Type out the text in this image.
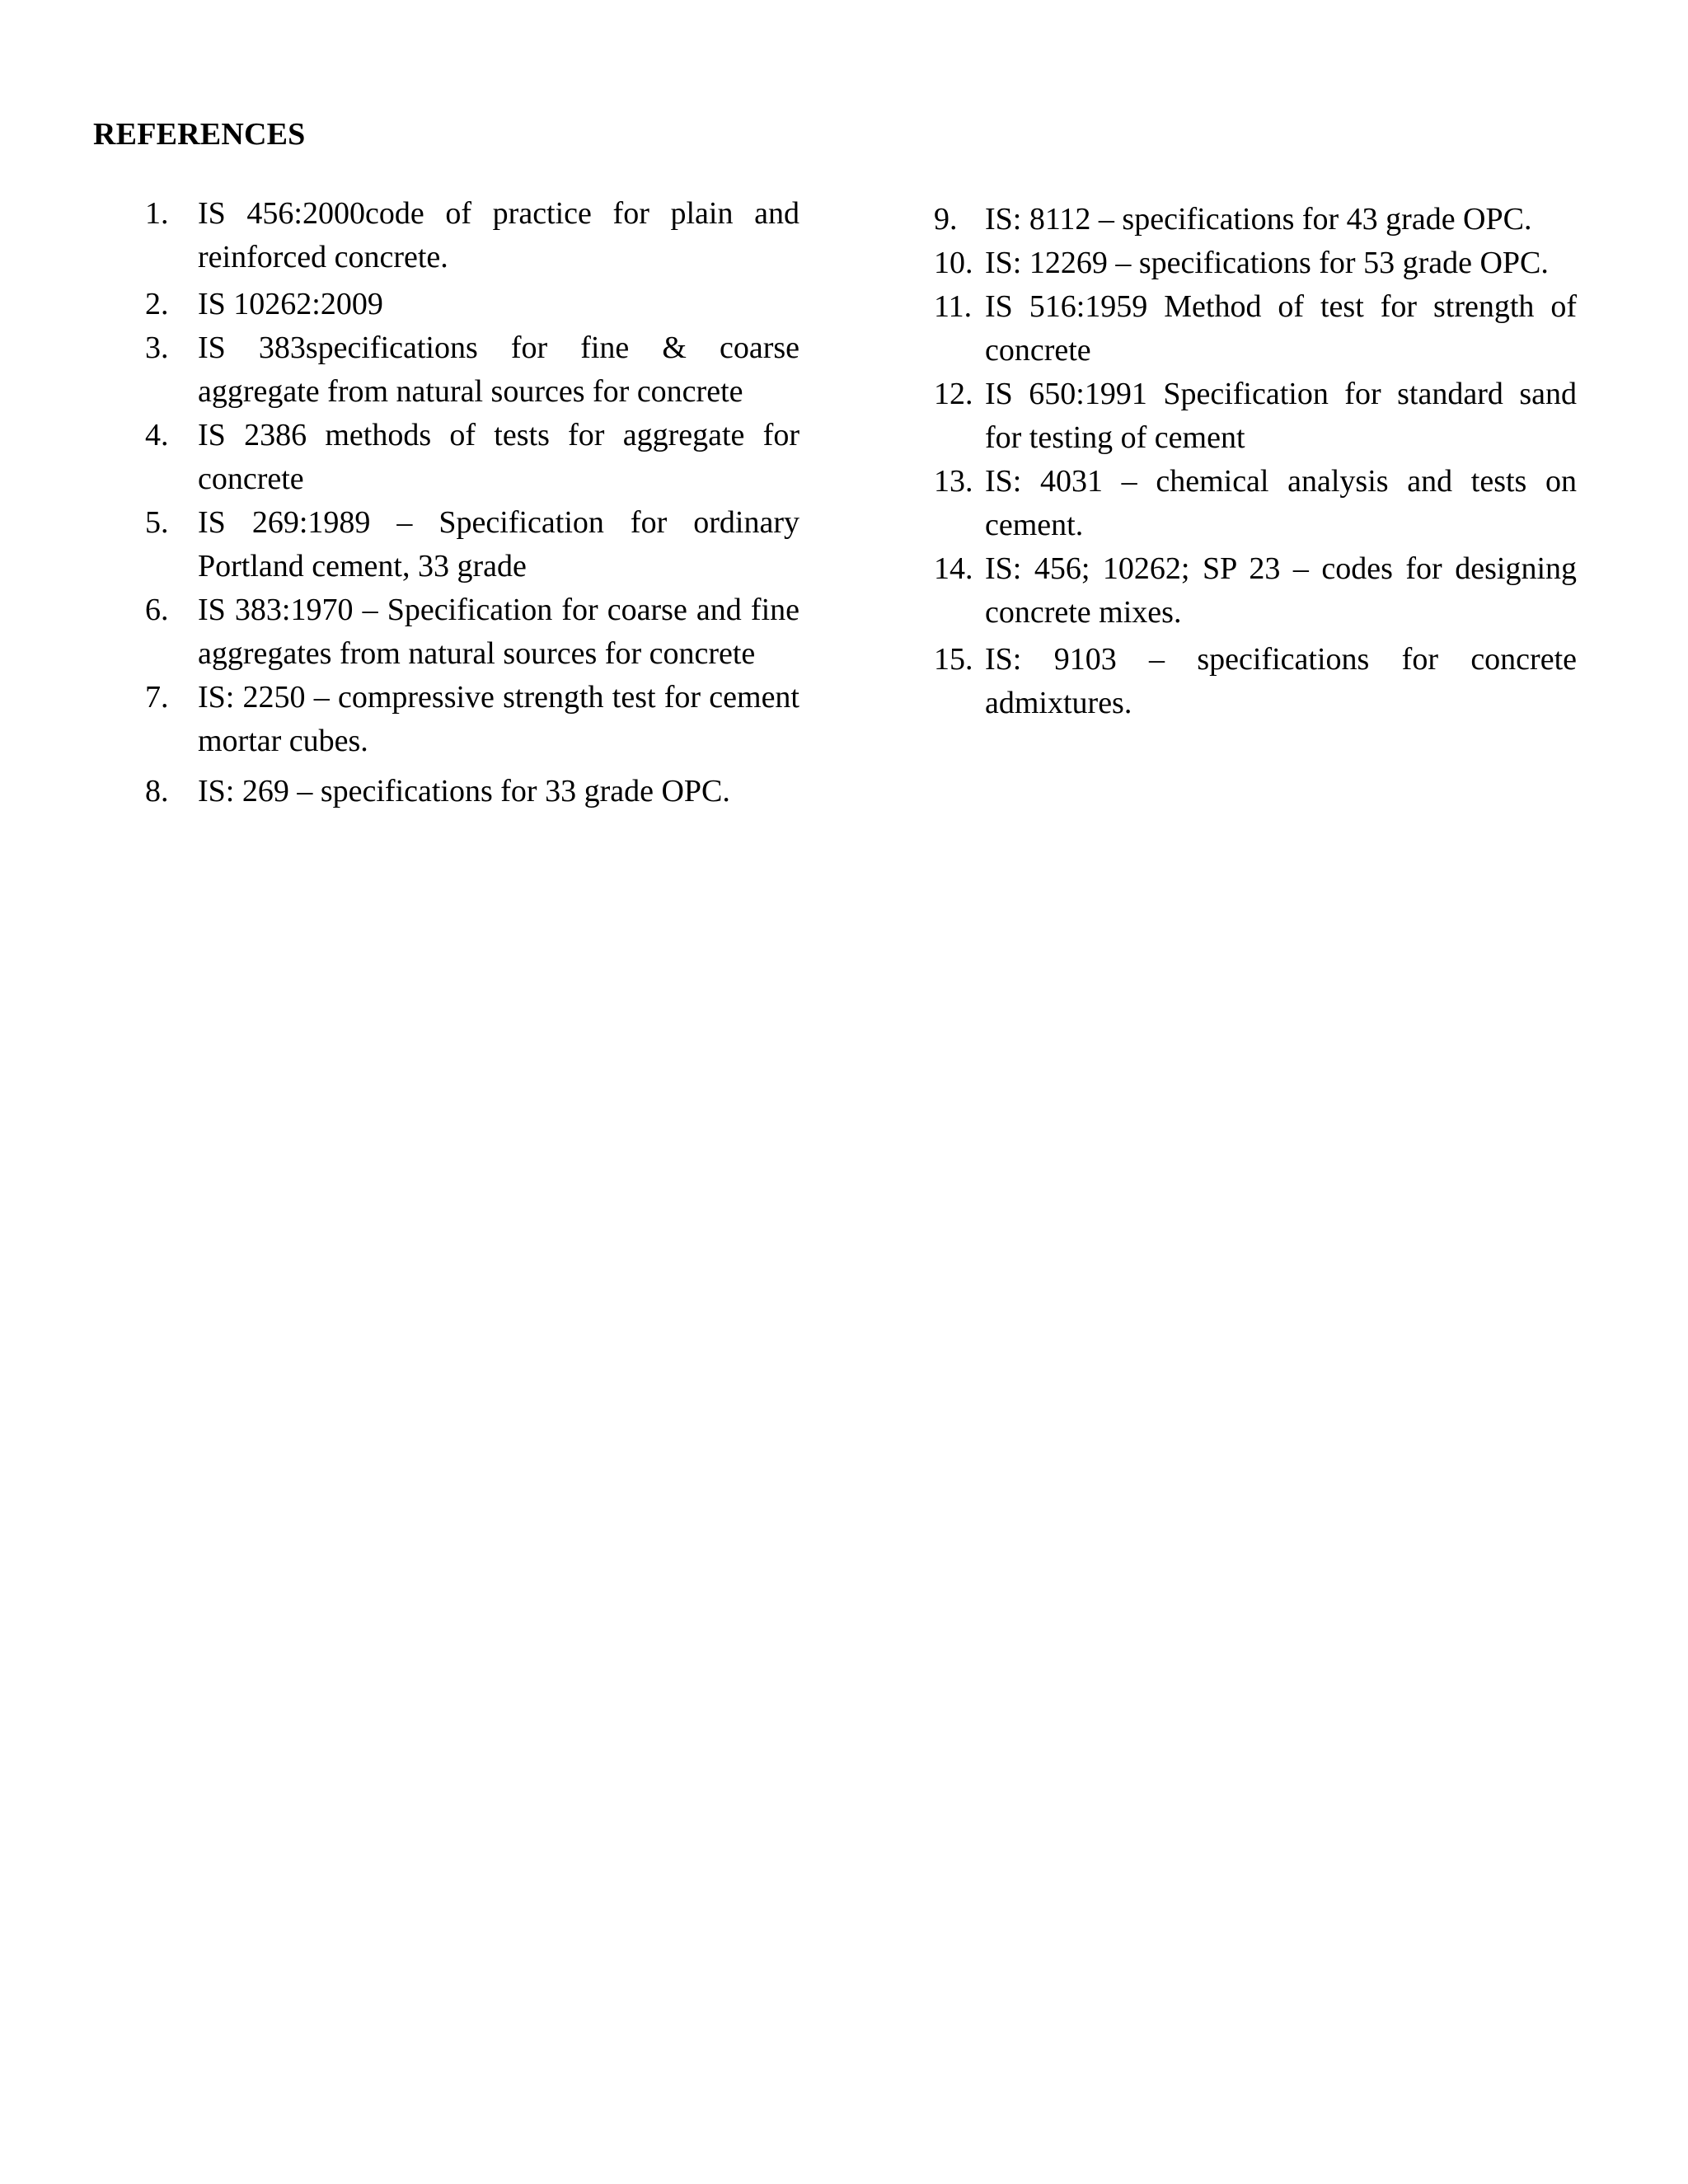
REFERENCES
1. IS 456:2000code of practice for plain and reinforced concrete.
2. IS 10262:2009
3. IS 383specifications for fine & coarse aggregate from natural sources for concrete
4. IS 2386 methods of tests for aggregate for concrete
5. IS 269:1989 – Specification for ordinary Portland cement, 33 grade
6. IS 383:1970 – Specification for coarse and fine aggregates from natural sources for concrete
7. IS: 2250 – compressive strength test for cement mortar cubes.
8. IS: 269 – specifications for 33 grade OPC.
9. IS: 8112 – specifications for 43 grade OPC.
10. IS: 12269 – specifications for 53 grade OPC.
11. IS 516:1959 Method of test for strength of concrete
12. IS 650:1991 Specification for standard sand for testing of cement
13. IS: 4031 – chemical analysis and tests on cement.
14. IS: 456; 10262; SP 23 – codes for designing concrete mixes.
15. IS: 9103 – specifications for concrete admixtures.
